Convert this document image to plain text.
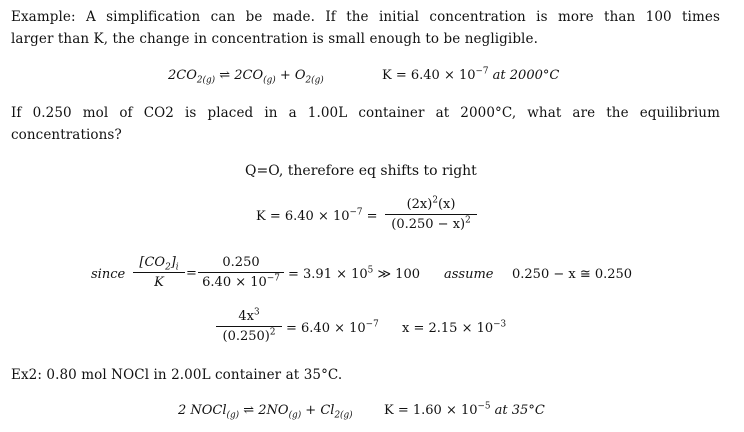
Example: A simplification can be made. If the initial concentration is more than 100 times
larger than K, the change in concentration is small enough to be negligible.
$2CO_{2(g)}$ ⇌ $2CO_{(g)} + O_{2(g)}$	$K = 6.40 \times 10^{-7}$ at 2000°C
If 0.250 mol of CO2 is placed in a 1.00L container at 2000°C, what are the equilibrium
concentrations?
Q=O, therefore eq shifts to right
$K = 6.40 \times 10^{-7}$ =
$(2x)^2(x)$
$(0.250 - x)^2$
since
$[CO_2]_i$
K
=
0.250
$6.40 \times 10^{-7} = 3.91 \times 10^5$ ≫ 100 assume 0.250 − x ≅ 0.250
$4x^3$
$(0.250)^2 = 6.40 \times 10^{-7}$ $x = 2.15 \times 10^{-3}$
Ex2: 0.80 mol NOCl in 2.00L container at 35°C.
2 NOCl$_{(g)}$ ⇌ $2NO_{(g)} + Cl_{2(g)}$ $K = 1.60 \times 10^{-5}$ at 35°C
